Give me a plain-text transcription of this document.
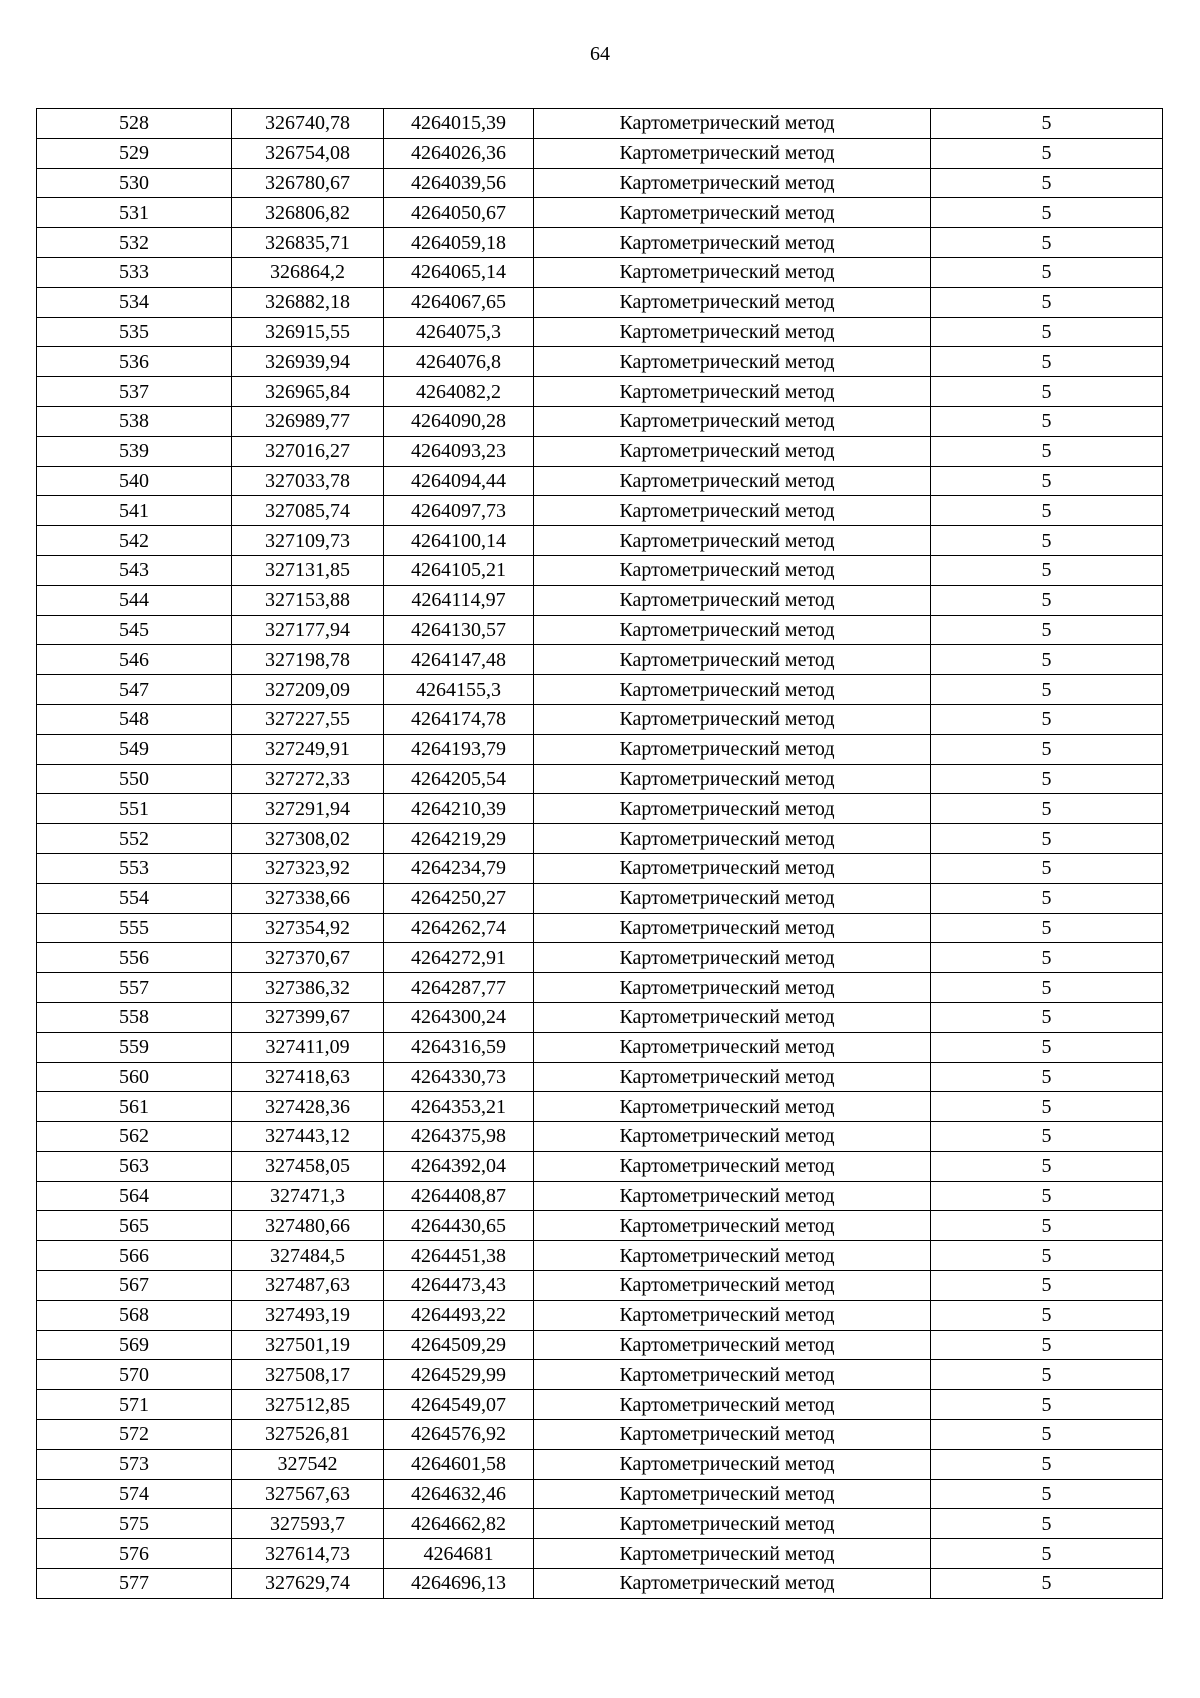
64
528	326740,78	4264015,39	Картометрический метод	5
529	326754,08	4264026,36	Картометрический метод	5
530	326780,67	4264039,56	Картометрический метод	5
531	326806,82	4264050,67	Картометрический метод	5
532	326835,71	4264059,18	Картометрический метод	5
533	326864,2	4264065,14	Картометрический метод	5
534	326882,18	4264067,65	Картометрический метод	5
535	326915,55	4264075,3	Картометрический метод	5
536	326939,94	4264076,8	Картометрический метод	5
537	326965,84	4264082,2	Картометрический метод	5
538	326989,77	4264090,28	Картометрический метод	5
539	327016,27	4264093,23	Картометрический метод	5
540	327033,78	4264094,44	Картометрический метод	5
541	327085,74	4264097,73	Картометрический метод	5
542	327109,73	4264100,14	Картометрический метод	5
543	327131,85	4264105,21	Картометрический метод	5
544	327153,88	4264114,97	Картометрический метод	5
545	327177,94	4264130,57	Картометрический метод	5
546	327198,78	4264147,48	Картометрический метод	5
547	327209,09	4264155,3	Картометрический метод	5
548	327227,55	4264174,78	Картометрический метод	5
549	327249,91	4264193,79	Картометрический метод	5
550	327272,33	4264205,54	Картометрический метод	5
551	327291,94	4264210,39	Картометрический метод	5
552	327308,02	4264219,29	Картометрический метод	5
553	327323,92	4264234,79	Картометрический метод	5
554	327338,66	4264250,27	Картометрический метод	5
555	327354,92	4264262,74	Картометрический метод	5
556	327370,67	4264272,91	Картометрический метод	5
557	327386,32	4264287,77	Картометрический метод	5
558	327399,67	4264300,24	Картометрический метод	5
559	327411,09	4264316,59	Картометрический метод	5
560	327418,63	4264330,73	Картометрический метод	5
561	327428,36	4264353,21	Картометрический метод	5
562	327443,12	4264375,98	Картометрический метод	5
563	327458,05	4264392,04	Картометрический метод	5
564	327471,3	4264408,87	Картометрический метод	5
565	327480,66	4264430,65	Картометрический метод	5
566	327484,5	4264451,38	Картометрический метод	5
567	327487,63	4264473,43	Картометрический метод	5
568	327493,19	4264493,22	Картометрический метод	5
569	327501,19	4264509,29	Картометрический метод	5
570	327508,17	4264529,99	Картометрический метод	5
571	327512,85	4264549,07	Картометрический метод	5
572	327526,81	4264576,92	Картометрический метод	5
573	327542	4264601,58	Картометрический метод	5
574	327567,63	4264632,46	Картометрический метод	5
575	327593,7	4264662,82	Картометрический метод	5
576	327614,73	4264681	Картометрический метод	5
577	327629,74	4264696,13	Картометрический метод	5
